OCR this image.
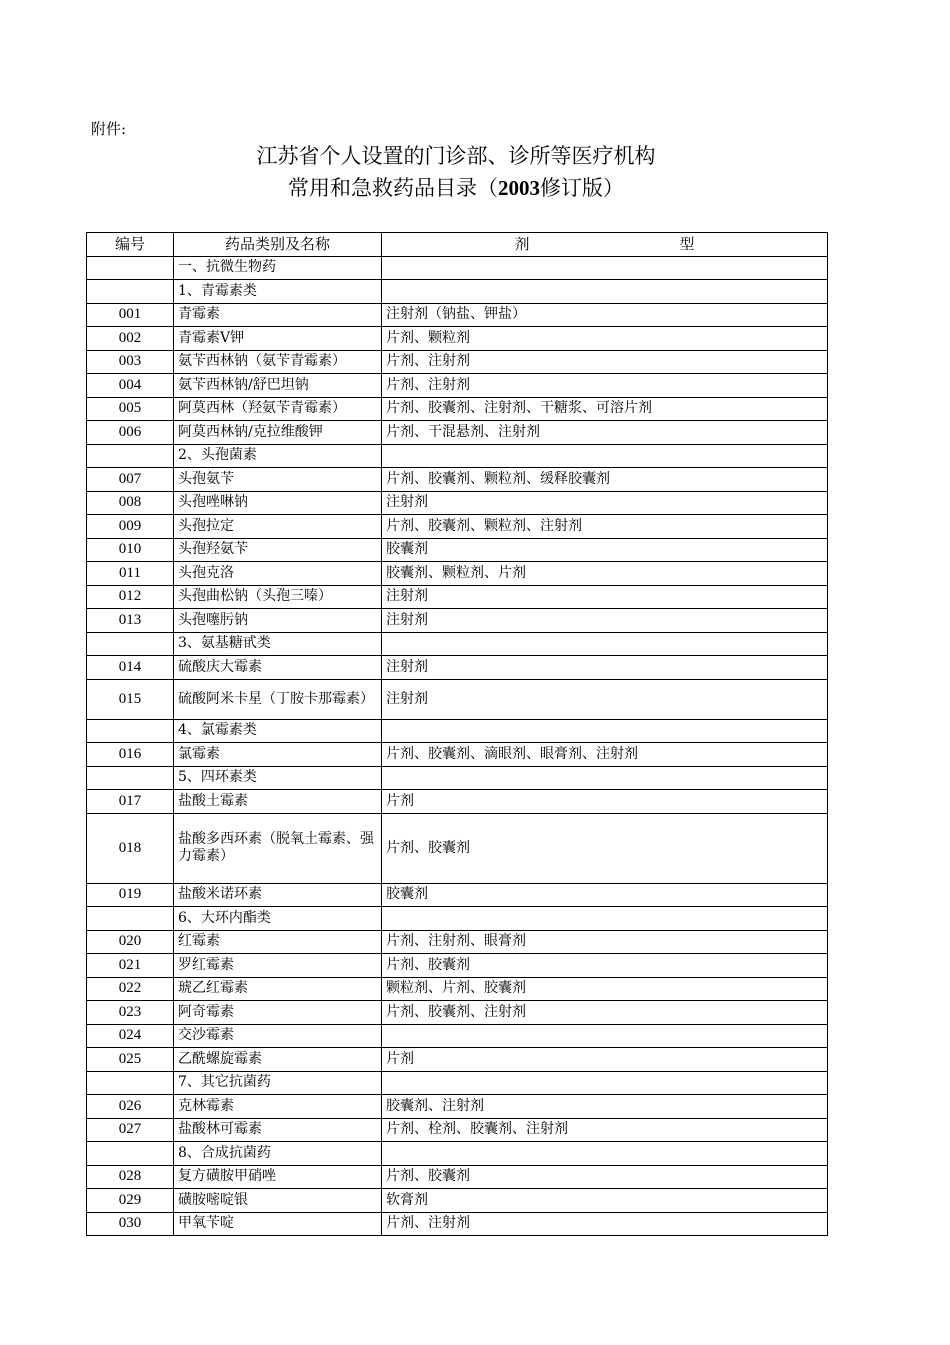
附件:
江苏省个人设置的门诊部、诊所等医疗机构
常用和急救药品目录（2003修订版）
编号	药品类别及名称	剂 型
	一、抗微生物药	
	1、青霉素类	
001	青霉素	注射剂（钠盐、钾盐）
002	青霉素V钾	片剂、颗粒剂
003	氨苄西林钠（氨苄青霉素）	片剂、注射剂
004	氨苄西林钠/舒巴坦钠	片剂、注射剂
005	阿莫西林（羟氨苄青霉素）	片剂、胶囊剂、注射剂、干糖浆、可溶片剂
006	阿莫西林钠/克拉维酸钾	片剂、干混悬剂、注射剂
	2、头孢菌素	
007	头孢氨苄	片剂、胶囊剂、颗粒剂、缓释胶囊剂
008	头孢唑啉钠	注射剂
009	头孢拉定	片剂、胶囊剂、颗粒剂、注射剂
010	头孢羟氨苄	胶囊剂
011	头孢克洛	胶囊剂、颗粒剂、片剂
012	头孢曲松钠（头孢三嗪）	注射剂
013	头孢噻肟钠	注射剂
	3、氨基糖甙类	
014	硫酸庆大霉素	注射剂
015	硫酸阿米卡星（丁胺卡那霉素）	注射剂
	4、氯霉素类	
016	氯霉素	片剂、胶囊剂、滴眼剂、眼膏剂、注射剂
	5、四环素类	
017	盐酸土霉素	片剂
018	盐酸多西环素（脱氧土霉素、强力霉素）	片剂、胶囊剂
019	盐酸米诺环素	胶囊剂
	6、大环内酯类	
020	红霉素	片剂、注射剂、眼膏剂
021	罗红霉素	片剂、胶囊剂
022	琥乙红霉素	颗粒剂、片剂、胶囊剂
023	阿奇霉素	片剂、胶囊剂、注射剂
024	交沙霉素	
025	乙酰螺旋霉素	片剂
	7、其它抗菌药	
026	克林霉素	胶囊剂、注射剂
027	盐酸林可霉素	片剂、栓剂、胶囊剂、注射剂
	8、合成抗菌药	
028	复方磺胺甲硝唑	片剂、胶囊剂
029	磺胺嘧啶银	软膏剂
030	甲氧苄啶	片剂、注射剂
